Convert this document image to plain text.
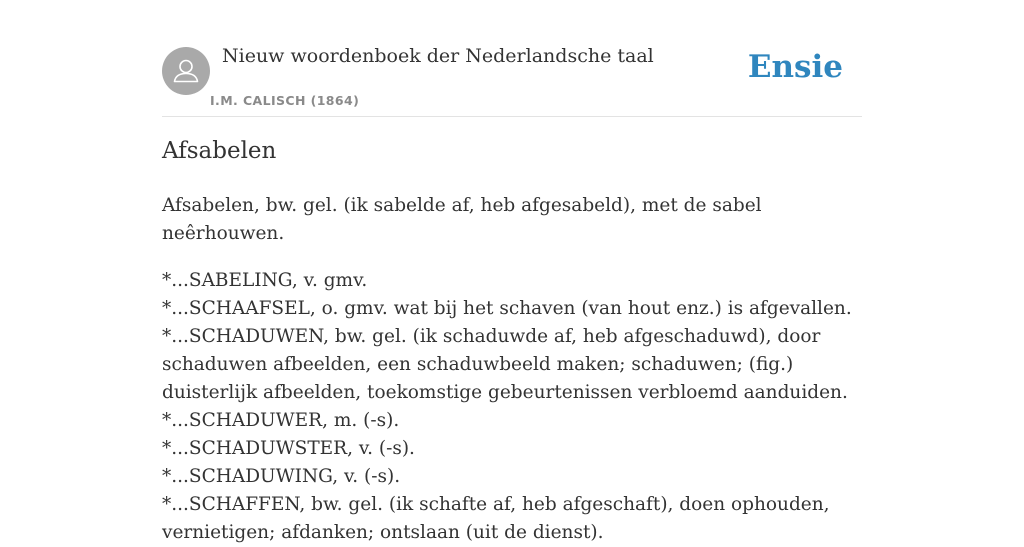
Nieuw woordenboek der Nederlandsche taal
I.M. CALISCH (1864)
Ensie
Afsabelen

Afsabelen, bw. gel. (ik sabelde af, heb afgesabeld), met de sabel neêrhouwen.

*...SABELING, v. gmv.

*...SCHAAFSEL, o. gmv. wat bij het schaven (van hout enz.) is afgevallen.

*...SCHADUWEN, bw. gel. (ik schaduwde af, heb afgeschaduwd), door schaduwen afbeelden, een schaduwbeeld maken; schaduwen; (fig.) duisterlijk afbeelden, toekomstige gebeurtenissen verbloemd aanduiden.

*...SCHADUWER, m. (-s).

*...SCHADUWSTER, v. (-s).

*...SCHADUWING, v. (-s).

*...SCHAFFEN, bw. gel. (ik schafte af, heb afgeschaft), doen ophouden, vernietigen; afdanken; ontslaan (uit de dienst).
